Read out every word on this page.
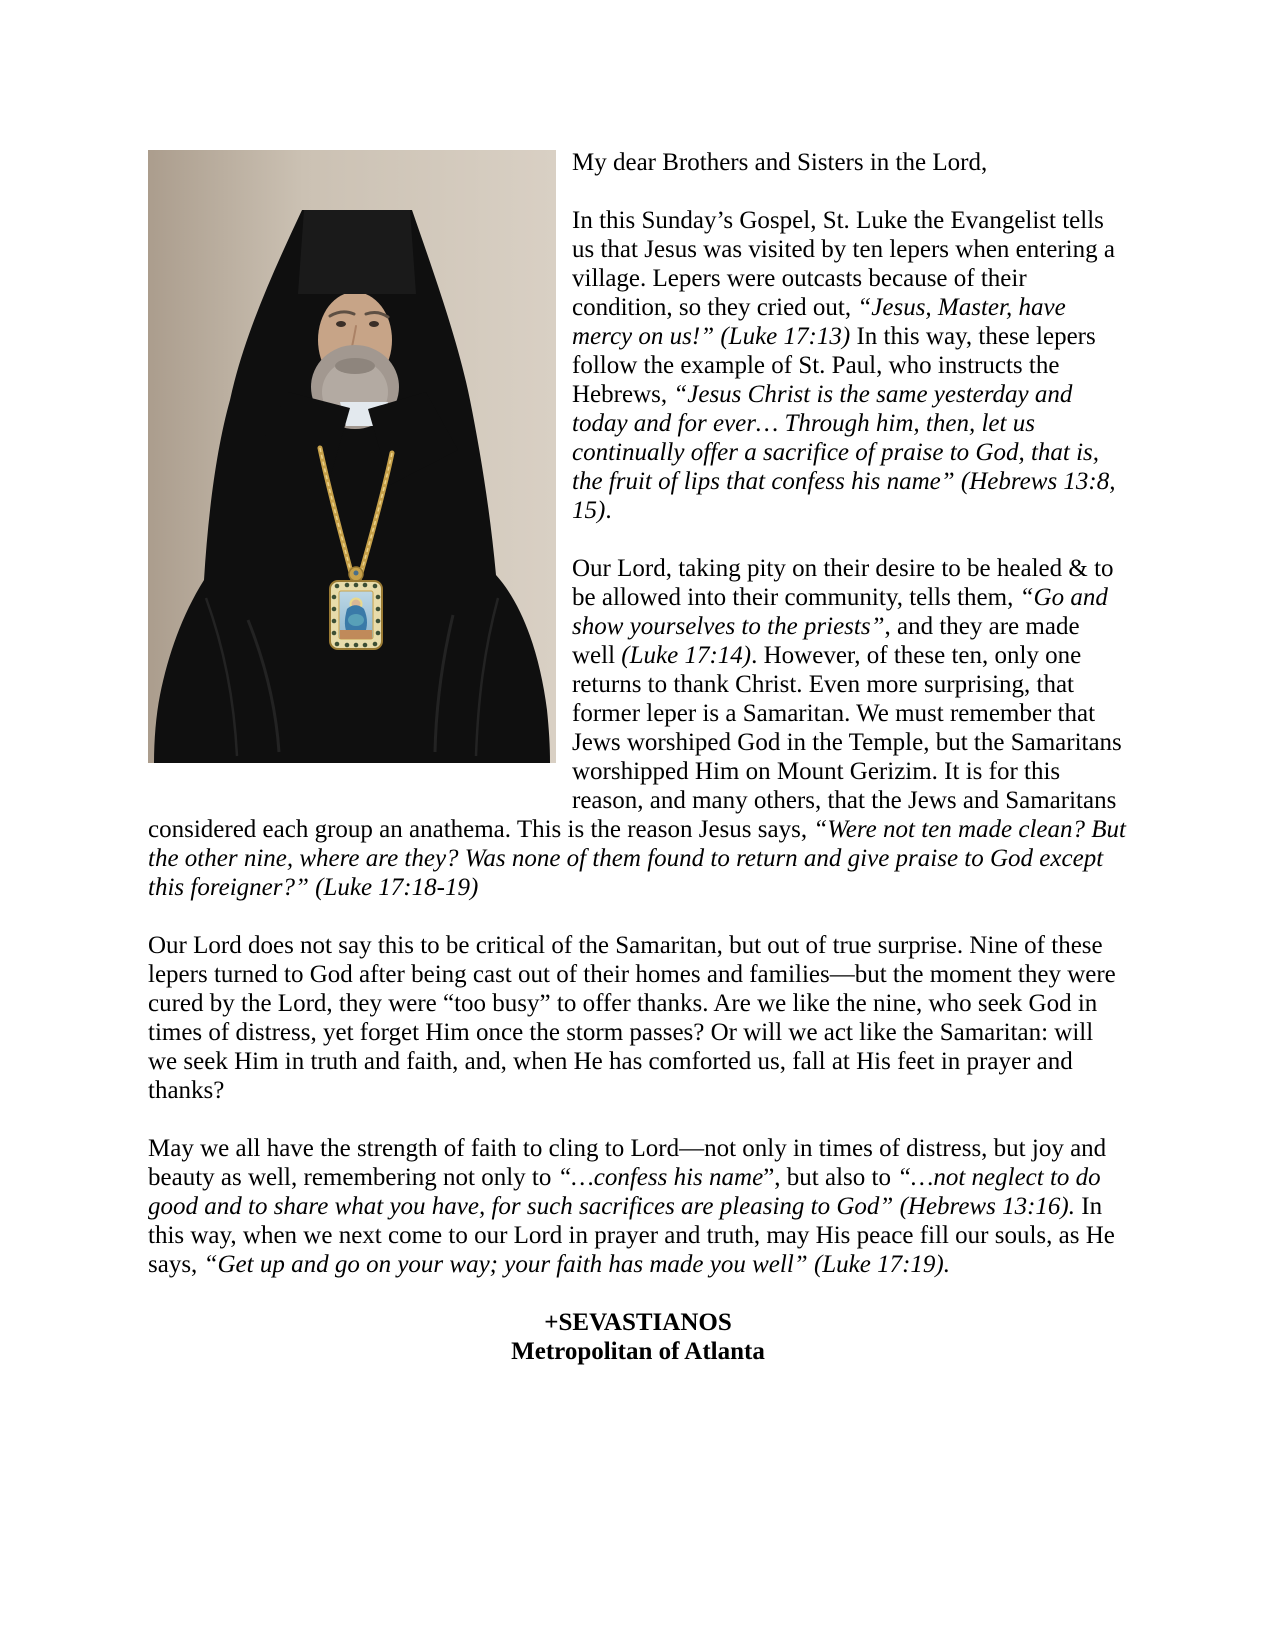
My dear Brothers and Sisters in the Lord,

In this Sunday’s Gospel, St. Luke the Evangelist tells us that Jesus was visited by ten lepers when entering a village. Lepers were outcasts because of their condition, so they cried out, “Jesus, Master, have mercy on us!” (Luke 17:13) In this way, these lepers follow the example of St. Paul, who instructs the Hebrews, “Jesus Christ is the same yesterday and today and for ever… Through him, then, let us continually offer a sacrifice of praise to God, that is, the fruit of lips that confess his name” (Hebrews 13:8, 15).

Our Lord, taking pity on their desire to be healed & to be allowed into their community, tells them, “Go and show yourselves to the priests”, and they are made well (Luke 17:14). However, of these ten, only one returns to thank Christ. Even more surprising, that former leper is a Samaritan. We must remember that Jews worshiped God in the Temple, but the Samaritans worshipped Him on Mount Gerizim. It is for this reason, and many others, that the Jews and Samaritans considered each group an anathema. This is the reason Jesus says, “Were not ten made clean? But the other nine, where are they? Was none of them found to return and give praise to God except this foreigner?” (Luke 17:18-19)

Our Lord does not say this to be critical of the Samaritan, but out of true surprise. Nine of these lepers turned to God after being cast out of their homes and families—but the moment they were cured by the Lord, they were “too busy” to offer thanks. Are we like the nine, who seek God in times of distress, yet forget Him once the storm passes? Or will we act like the Samaritan: will we seek Him in truth and faith, and, when He has comforted us, fall at His feet in prayer and thanks?

May we all have the strength of faith to cling to Lord—not only in times of distress, but joy and beauty as well, remembering not only to “…confess his name”, but also to “…not neglect to do good and to share what you have, for such sacrifices are pleasing to God” (Hebrews 13:16). In this way, when we next come to our Lord in prayer and truth, may His peace fill our souls, as He says, “Get up and go on your way; your faith has made you well” (Luke 17:19).

+SEVASTIANOS
Metropolitan of Atlanta
